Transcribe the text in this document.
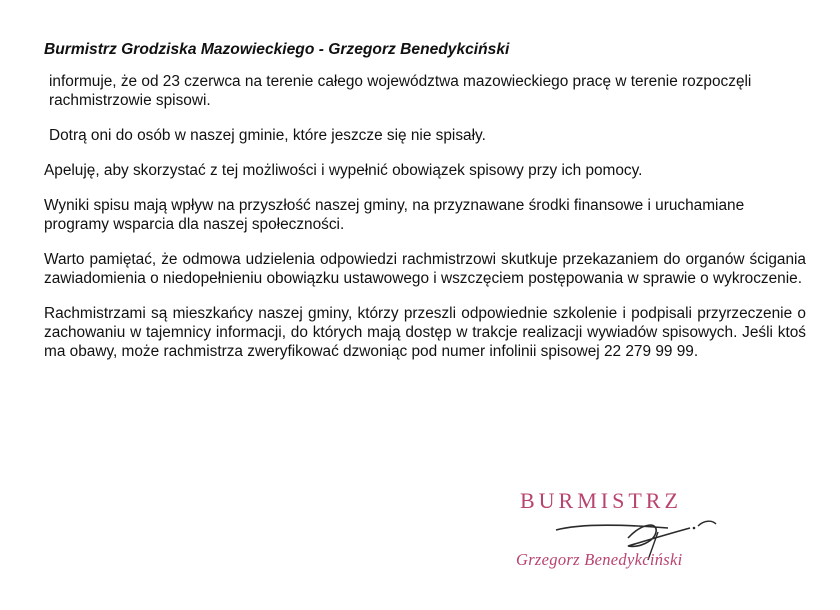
Burmistrz Grodziska Mazowieckiego - Grzegorz Benedykciński

informuje, że od 23 czerwca na terenie całego województwa mazowieckiego pracę w terenie rozpoczęli rachmistrzowie spisowi.

Dotrą oni do osób w naszej gminie, które jeszcze się nie spisały.

Apeluję, aby skorzystać z tej możliwości i wypełnić obowiązek spisowy przy ich pomocy.

Wyniki spisu mają wpływ na przyszłość naszej gminy, na przyznawane środki finansowe i uruchamiane programy wsparcia dla naszej społeczności.

Warto pamiętać, że odmowa udzielenia odpowiedzi rachmistrzowi skutkuje przekazaniem do organów ścigania zawiadomienia o niedopełnieniu obowiązku ustawowego i wszczęciem postępowania w sprawie o wykroczenie.

Rachmistrzami są mieszkańcy naszej gminy, którzy przeszli odpowiednie szkolenie i podpisali przyrzeczenie o zachowaniu w tajemnicy informacji, do których mają dostęp w trakcje realizacji wywiadów spisowych. Jeśli ktoś ma obawy, może rachmistrza zweryfikować dzwoniąc pod numer infolinii spisowej 22 279 99 99.

BURMISTRZ
Grzegorz Benedykciński
